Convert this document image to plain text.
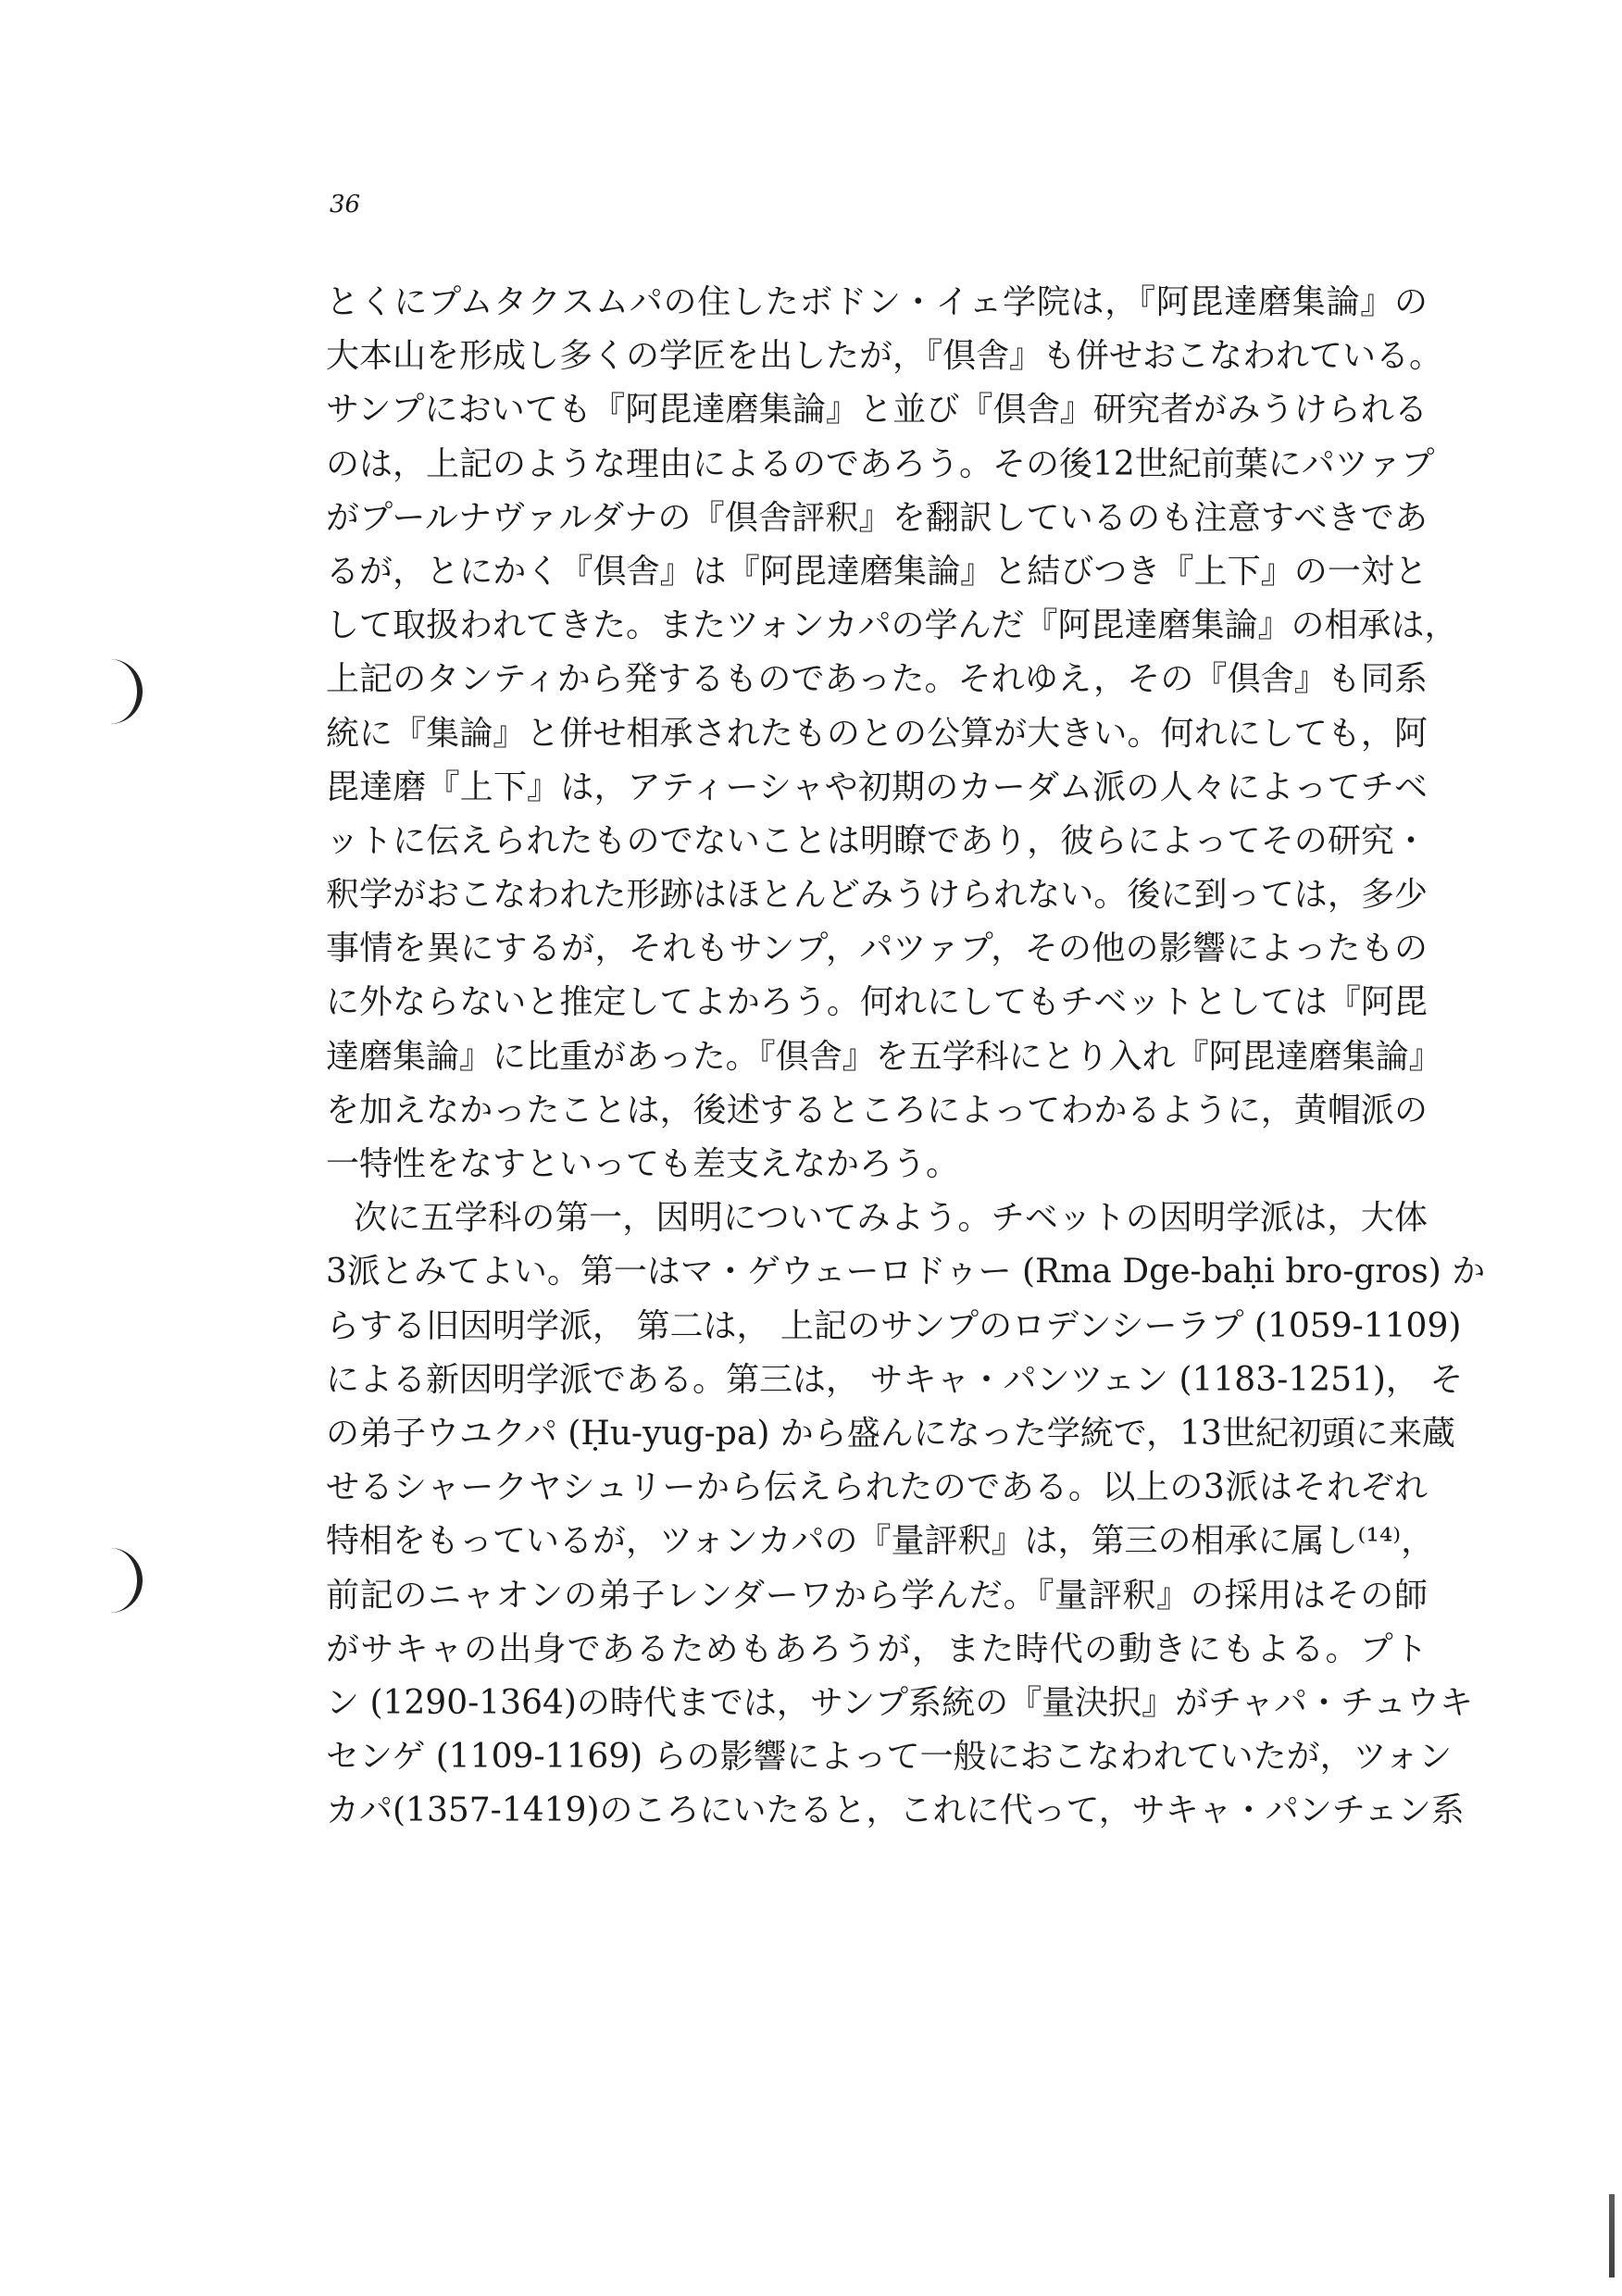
36

とくにプムタクスムパの住したボドン・イェ学院は，『阿毘達磨集論』の
大本山を形成し多くの学匠を出したが，『倶舎』も併せおこなわれている。
サンプにおいても『阿毘達磨集論』と並び『倶舎』研究者がみうけられる
のは，上記のような理由によるのであろう。その後12世紀前葉にパツァプ
がプールナヴァルダナの『倶舎評釈』を翻訳しているのも注意すべきであ
るが，とにかく『倶舎』は『阿毘達磨集論』と結びつき『上下』の一対と
して取扱われてきた。またツォンカパの学んだ『阿毘達磨集論』の相承は，
上記のタンティから発するものであった。それゆえ，その『倶舎』も同系
統に『集論』と併せ相承されたものとの公算が大きい。何れにしても，阿
毘達磨『上下』は，アティーシャや初期のカーダム派の人々によってチベ
ットに伝えられたものでないことは明瞭であり，彼らによってその研究・
釈学がおこなわれた形跡はほとんどみうけられない。後に到っては，多少
事情を異にするが，それもサンプ，パツァプ，その他の影響によったもの
に外ならないと推定してよかろう。何れにしてもチベットとしては『阿毘
達磨集論』に比重があった。『倶舎』を五学科にとり入れ『阿毘達磨集論』
を加えなかったことは，後述するところによってわかるように，黄帽派の
一特性をなすといっても差支えなかろう。

次に五学科の第一，因明についてみよう。チベットの因明学派は，大体
3派とみてよい。第一はマ・ゲウェーロドゥー (Rma Dge-baḥi bro-gros) か
らする旧因明学派， 第二は， 上記のサンプのロデンシーラプ (1059-1109)
による新因明学派である。第三は， サキャ・パンツェン (1183-1251)， そ
の弟子ウユクパ (Ḥu-yug-pa) から盛んになった学統で，13世紀初頭に来蔵
せるシャークヤシュリーから伝えられたのである。以上の3派はそれぞれ
特相をもっているが，ツォンカパの『量評釈』は，第三の相承に属し⁽¹⁴⁾，
前記のニャオンの弟子レンダーワから学んだ。『量評釈』の採用はその師
がサキャの出身であるためもあろうが，また時代の動きにもよる。プト
ン (1290-1364)の時代までは，サンプ系統の『量決択』がチャパ・チュウキ
センゲ (1109-1169) らの影響によって一般におこなわれていたが，ツォン
カパ(1357-1419)のころにいたると，これに代って，サキャ・パンチェン系
